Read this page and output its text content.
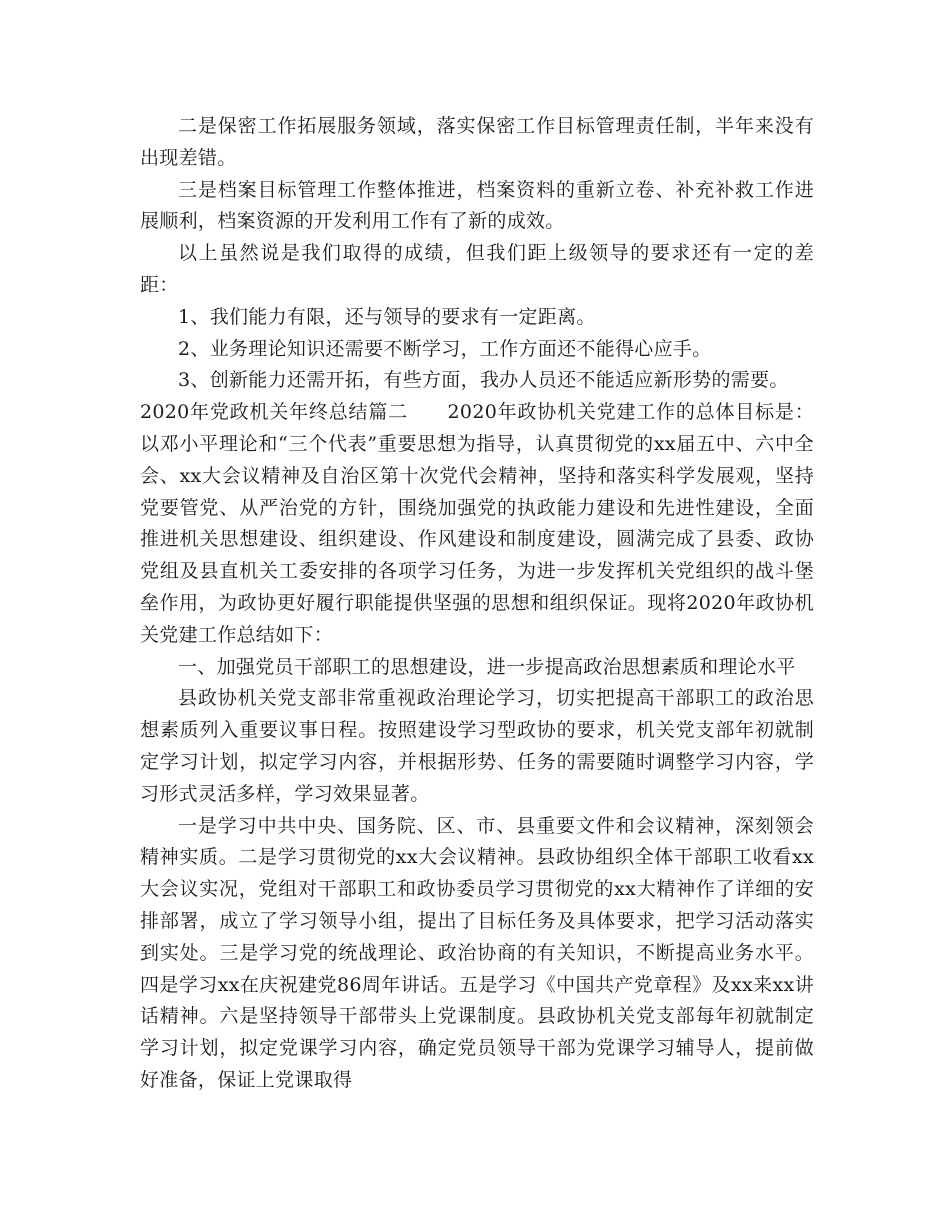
二是保密工作拓展服务领域，落实保密工作目标管理责任制，半年来没有出现差错。

三是档案目标管理工作整体推进，档案资料的重新立卷、补充补救工作进展顺利，档案资源的开发利用工作有了新的成效。

以上虽然说是我们取得的成绩，但我们距上级领导的要求还有一定的差距：

1、我们能力有限，还与领导的要求有一定距离。

2、业务理论知识还需要不断学习，工作方面还不能得心应手。

3、创新能力还需开拓，有些方面，我办人员还不能适应新形势的需要。

2020年党政机关年终总结篇二　　2020年政协机关党建工作的总体目标是：以邓小平理论和“三个代表”重要思想为指导，认真贯彻党的xx届五中、六中全会、xx大会议精神及自治区第十次党代会精神，坚持和落实科学发展观，坚持党要管党、从严治党的方针，围绕加强党的执政能力建设和先进性建设，全面推进机关思想建设、组织建设、作风建设和制度建设，圆满完成了县委、政协党组及县直机关工委安排的各项学习任务，为进一步发挥机关党组织的战斗堡垒作用，为政协更好履行职能提供坚强的思想和组织保证。现将2020年政协机关党建工作总结如下：

一、加强党员干部职工的思想建设，进一步提高政治思想素质和理论水平

县政协机关党支部非常重视政治理论学习，切实把提高干部职工的政治思想素质列入重要议事日程。按照建设学习型政协的要求，机关党支部年初就制定学习计划，拟定学习内容，并根据形势、任务的需要随时调整学习内容，学习形式灵活多样，学习效果显著。

一是学习中共中央、国务院、区、市、县重要文件和会议精神，深刻领会精神实质。二是学习贯彻党的xx大会议精神。县政协组织全体干部职工收看xx大会议实况，党组对干部职工和政协委员学习贯彻党的xx大精神作了详细的安排部署，成立了学习领导小组，提出了目标任务及具体要求，把学习活动落实到实处。三是学习党的统战理论、政治协商的有关知识，不断提高业务水平。四是学习xx在庆祝建党86周年讲话。五是学习《中国共产党章程》及xx来xx讲话精神。六是坚持领导干部带头上党课制度。县政协机关党支部每年初就制定学习计划，拟定党课学习内容，确定党员领导干部为党课学习辅导人，提前做好准备，保证上党课取得
